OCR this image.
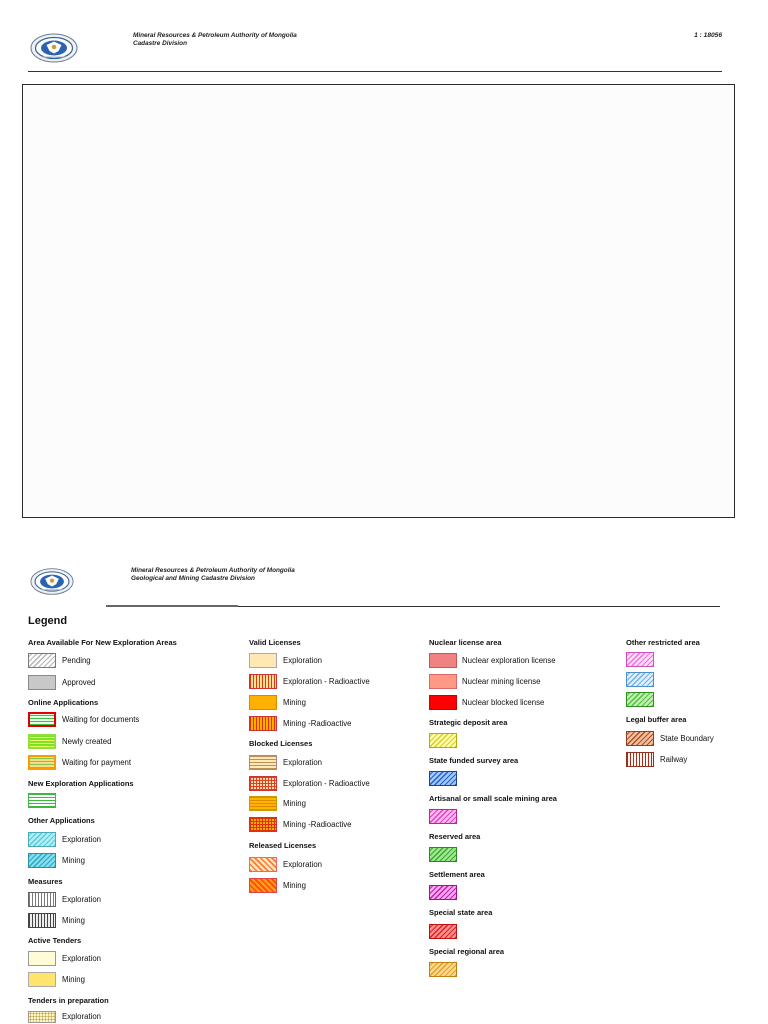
Mineral Resources & Petroleum Authority of Mongolia
Cadastre Division
1 : 18056
Mineral Resources & Petroleum Authority of Mongolia
Geological and Mining Cadastre Division
Legend
Area Available For New Exploration Areas
Pending
Approved
Online Applications
Waiting for documents
Newly created
Waiting for payment
New Exploration Applications
Other Applications
Exploration
Mining
Measures
Exploration
Mining
Active Tenders
Exploration
Mining
Tenders in preparation
Exploration
Valid Licenses
Exploration
Exploration - Radioactive
Mining
Mining -Radioactive
Blocked Licenses
Exploration
Exploration - Radioactive
Mining
Mining -Radioactive
Released Licenses
Exploration
Mining
Nuclear license area
Nuclear exploration license
Nuclear mining license
Nuclear blocked license
Strategic deposit area
State funded survey area
Artisanal or small scale mining area
Reserved area
Settlement area
Special state area
Special regional area
Other restricted area
Legal buffer area
State Boundary
Railway
